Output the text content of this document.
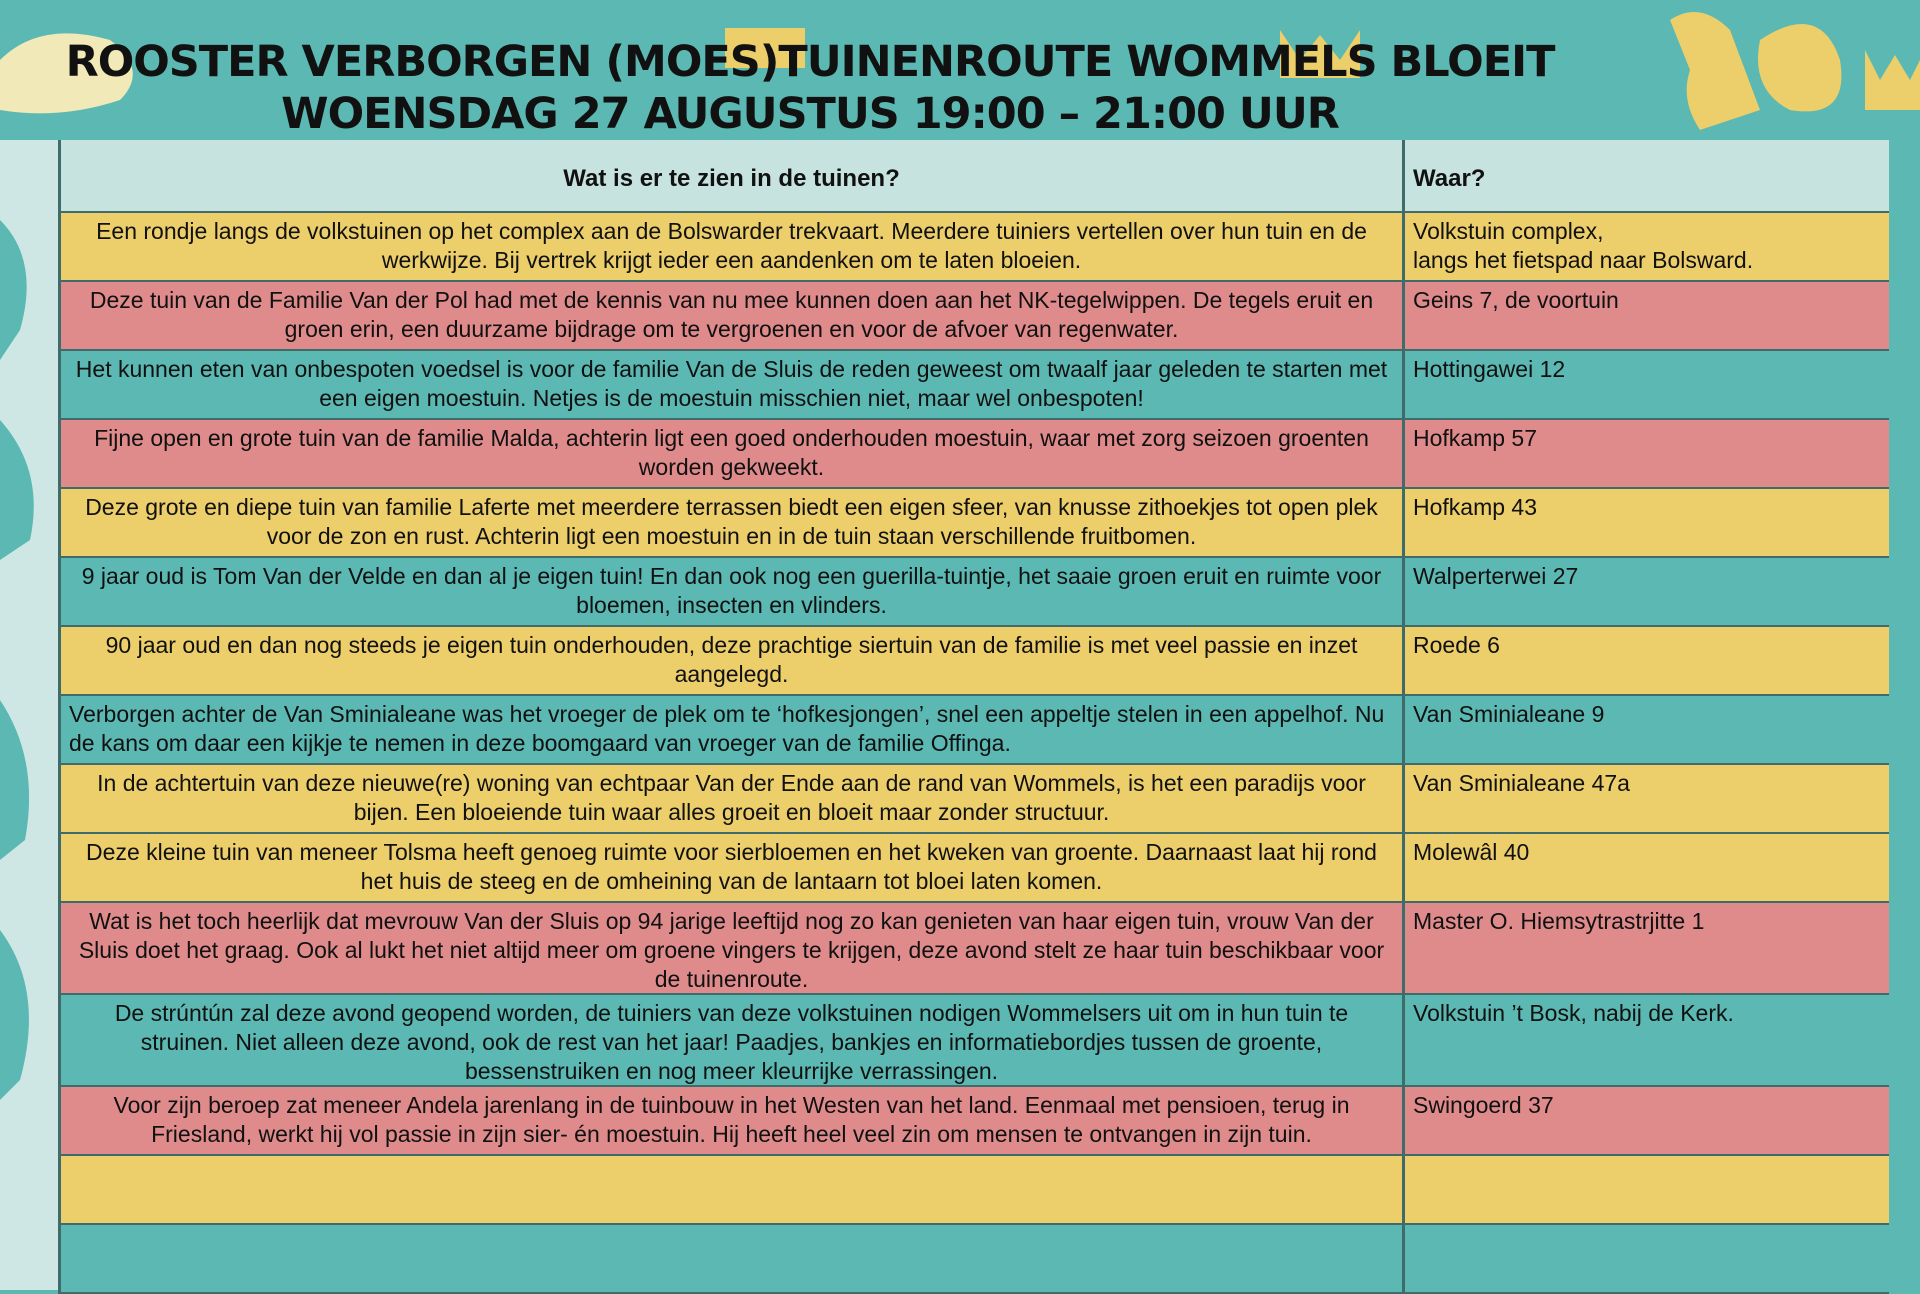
ROOSTER VERBORGEN (MOES)TUINENROUTE WOMMELS BLOEIT
WOENSDAG 27 AUGUSTUS 19:00 – 21:00 UUR
Wat is er te zien in de tuinen?	Waar?
Een rondje langs de volkstuinen op het complex aan de Bolswarder trekvaart. Meerdere tuiniers vertellen over hun tuin en de werkwijze. Bij vertrek krijgt ieder een aandenken om te laten bloeien.
Volkstuin complex,
langs het fietspad naar Bolsward.
Deze tuin van de Familie Van der Pol had met de kennis van nu mee kunnen doen aan het NK-tegelwippen. De tegels eruit en groen erin, een duurzame bijdrage om te vergroenen en voor de afvoer van regenwater.
Geins 7, de voortuin
Het kunnen eten van onbespoten voedsel is voor de familie Van de Sluis de reden geweest om twaalf jaar geleden te starten met een eigen moestuin. Netjes is de moestuin misschien niet, maar wel onbespoten!
Hottingawei 12
Fijne open en grote tuin van de familie Malda, achterin ligt een goed onderhouden moestuin, waar met zorg seizoen groenten worden gekweekt.
Hofkamp 57
Deze grote en diepe tuin van familie Laferte met meerdere terrassen biedt een eigen sfeer, van knusse zithoekjes tot open plek voor de zon en rust. Achterin ligt een moestuin en in de tuin staan verschillende fruitbomen.
Hofkamp 43
9 jaar oud is Tom Van der Velde en dan al je eigen tuin! En dan ook nog een guerilla-tuintje, het saaie groen eruit en ruimte voor bloemen, insecten en vlinders.
Walperterwei 27
90 jaar oud en dan nog steeds je eigen tuin onderhouden, deze prachtige siertuin van de familie is met veel passie en inzet aangelegd.
Roede 6
Verborgen achter de Van Sminialeane was het vroeger de plek om te ‘hofkesjongen’, snel een appeltje stelen in een appelhof. Nu de kans om daar een kijkje te nemen in deze boomgaard van vroeger van de familie Offinga.
Van Sminialeane 9
In de achtertuin van deze nieuwe(re) woning van echtpaar Van der Ende aan de rand van Wommels, is het een paradijs voor bijen. Een bloeiende tuin waar alles groeit en bloeit maar zonder structuur.
Van Sminialeane 47a
Deze kleine tuin van meneer Tolsma heeft genoeg ruimte voor sierbloemen en het kweken van groente. Daarnaast laat hij rond het huis de steeg en de omheining van de lantaarn tot bloei laten komen.
Molewâl 40
Wat is het toch heerlijk dat mevrouw Van der Sluis op 94 jarige leeftijd nog zo kan genieten van haar eigen tuin, vrouw Van der Sluis doet het graag. Ook al lukt het niet altijd meer om groene vingers te krijgen, deze avond stelt ze haar tuin beschikbaar voor de tuinenroute.
Master O. Hiemsytrastrjitte 1
De strúntún zal deze avond geopend worden, de tuiniers van deze volkstuinen nodigen Wommelsers uit om in hun tuin te struinen. Niet alleen deze avond, ook de rest van het jaar! Paadjes, bankjes en informatiebordjes tussen de groente, bessenstruiken en nog meer kleurrijke verrassingen.
Volkstuin ’t Bosk, nabij de Kerk.
Voor zijn beroep zat meneer Andela jarenlang in de tuinbouw in het Westen van het land. Eenmaal met pensioen, terug in Friesland, werkt hij vol passie in zijn sier- én moestuin. Hij heeft heel veel zin om mensen te ontvangen in zijn tuin.
Swingoerd 37
